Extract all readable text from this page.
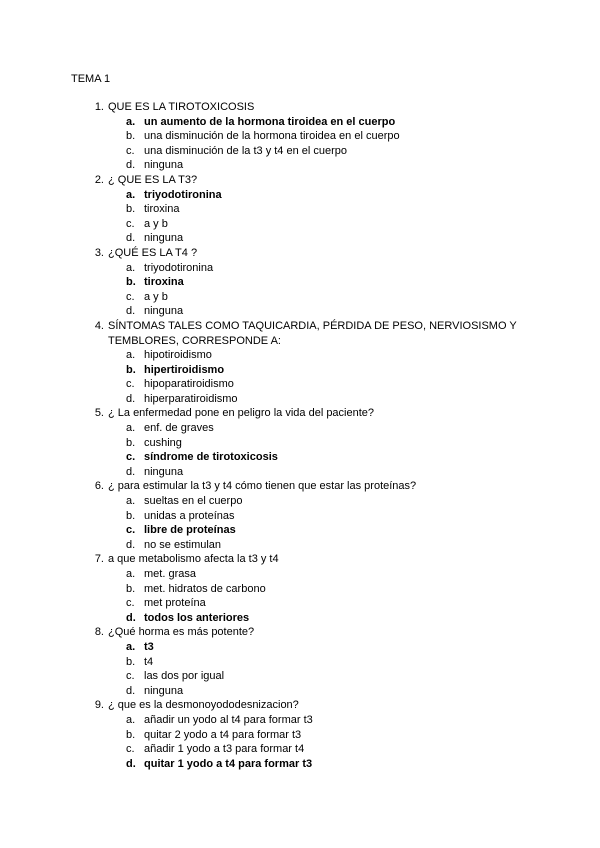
TEMA 1
1. QUE ES LA TIROTOXICOSIS
a. un aumento de la hormona tiroidea en el cuerpo
b. una disminución de la hormona tiroidea en el cuerpo
c. una disminución de la t3 y t4 en el cuerpo
d. ninguna
2. ¿ QUE ES LA T3?
a. triyodotironina
b. tiroxina
c. a y b
d. ninguna
3. ¿QUÉ ES LA T4 ?
a. triyodotironina
b. tiroxina
c. a y b
d. ninguna
4. SÍNTOMAS TALES COMO TAQUICARDIA, PÉRDIDA DE PESO, NERVIOSISMO Y TEMBLORES, CORRESPONDE A:
a. hipotiroidismo
b. hipertiroidismo
c. hipoparatiroidismo
d. hiperparatiroidismo
5. ¿ La enfermedad pone en peligro la vida del paciente?
a. enf. de graves
b. cushing
c. síndrome de tirotoxicosis
d. ninguna
6. ¿ para estimular la t3 y t4 cómo tienen que estar las proteínas?
a. sueltas en el cuerpo
b. unidas a proteínas
c. libre de proteínas
d. no se estimulan
7. a que metabolismo afecta la t3 y t4
a. met. grasa
b. met. hidratos de carbono
c. met proteína
d. todos los anteriores
8. ¿Qué horma es más potente?
a. t3
b. t4
c. las dos por igual
d. ninguna
9. ¿ que es la desmonoyododesnizacion?
a. añadir un yodo al t4 para formar t3
b. quitar 2 yodo a t4 para formar t3
c. añadir 1 yodo a t3 para formar t4
d. quitar 1 yodo a t4 para formar t3
